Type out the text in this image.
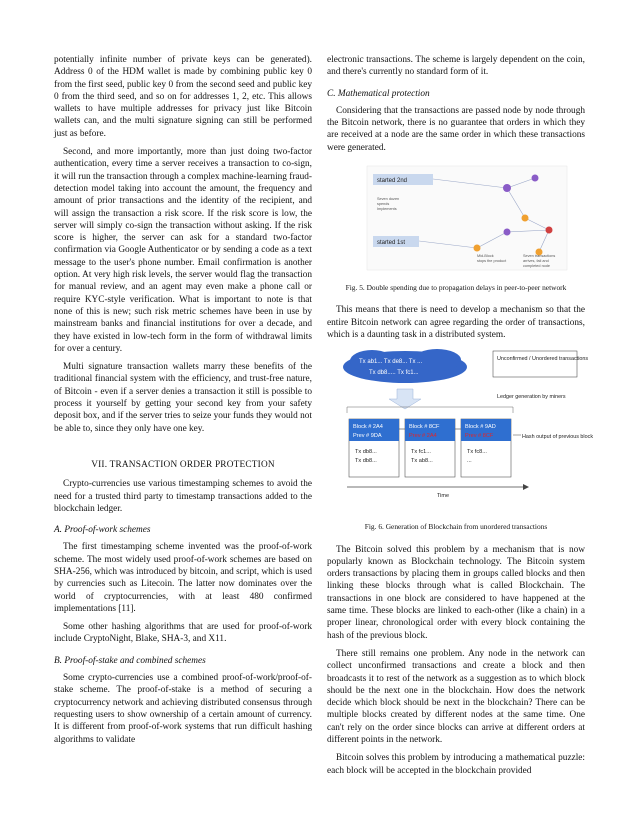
potentially infinite number of private keys can be generated). Address 0 of the HDM wallet is made by combining public key 0 from the first seed, public key 0 from the second seed and public key 0 from the third seed, and so on for addresses 1, 2, etc. This allows wallets to have multiple addresses for privacy just like Bitcoin wallets can, and the multi signature signing can still be performed just as before.

Second, and more importantly, more than just doing two-factor authentication, every time a server receives a transaction to co-sign, it will run the transaction through a complex machine-learning fraud-detection model taking into account the amount, the frequency and amount of prior transactions and the identity of the recipient, and will assign the transaction a risk score. If the risk score is low, the server will simply co-sign the transaction without asking. If the risk score is higher, the server can ask for a standard two-factor confirmation via Google Authenticator or by sending a code as a text message to the user's phone number. Email confirmation is another option. At very high risk levels, the server would flag the transaction for manual review, and an agent may even make a phone call or require KYC-style verification. What is important to note is that none of this is new; such risk metric schemes have been in use by mainstream banks and financial institutions for over a decade, and they have existed in low-tech form in the form of withdrawal limits for over a century.

Multi signature transaction wallets marry these benefits of the traditional financial system with the efficiency, and trust-free nature, of Bitcoin - even if a server denies a transaction it still is possible to process it yourself by getting your second key from your safety deposit box, and if the server tries to seize your funds they would not be able to, since they only have one key.

VII. TRANSACTION ORDER PROTECTION

Crypto-currencies use various timestamping schemes to avoid the need for a trusted third party to timestamp transactions added to the blockchain ledger.

A. Proof-of-work schemes

The first timestamping scheme invented was the proof-of-work scheme. The most widely used proof-of-work schemes are based on SHA-256, which was introduced by bitcoin, and script, which is used by currencies such as Litecoin. The latter now dominates over the world of cryptocurrencies, with at least 480 confirmed implementations [11].

Some other hashing algorithms that are used for proof-of-work include CryptoNight, Blake, SHA-3, and X11.

B. Proof-of-stake and combined schemes

Some crypto-currencies use a combined proof-of-work/proof-of-stake scheme. The proof-of-stake is a method of securing a cryptocurrency network and achieving distributed consensus through requesting users to show ownership of a certain amount of currency. It is different from proof-of-work systems that run difficult hashing algorithms to validate

electronic transactions. The scheme is largely dependent on the coin, and there's currently no standard form of it.

C. Mathematical protection

Considering that the transactions are passed node by node through the Bitcoin network, there is no guarantee that orders in which they are received at a node are the same order in which these transactions were generated.

started 2nd
started 1st
Seven dozen
spends
Implements
Mid-Block
stops the product
Seven transactions
arrives, fail and
completed node
Fig. 5. Double spending due to propagation delays in peer-to-peer network

This means that there is need to develop a mechanism so that the entire Bitcoin network can agree regarding the order of transactions, which is a daunting task in a distributed system.

Tx ab1... Tx de8... Tx ...
Tx db8..... Tx fc1...
Unconfirmed / Unordered transactions
Ledger generation by miners
Hash output of previous block
Block # 2A4
Prev # 9DA
Tx db8...
Tx db8...
Block # 8CF
Prev # 2A4
Tx fc1...
Tx ab8...
Block # 9AD
Prev # 8CF
Tx fc8...
...
Time
Fig. 6. Generation of Blockchain from unordered transactions

The Bitcoin solved this problem by a mechanism that is now popularly known as Blockchain technology. The Bitcoin system orders transactions by placing them in groups called blocks and then linking these blocks through what is called Blockchain. The transactions in one block are considered to have happened at the same time. These blocks are linked to each-other (like a chain) in a proper linear, chronological order with every block containing the hash of the previous block.

There still remains one problem. Any node in the network can collect unconfirmed transactions and create a block and then broadcasts it to rest of the network as a suggestion as to which block should be the next one in the blockchain. How does the network decide which block should be next in the blockchain? There can be multiple blocks created by different nodes at the same time. One can't rely on the order since blocks can arrive at different orders at different points in the network.

Bitcoin solves this problem by introducing a mathematical puzzle: each block will be accepted in the blockchain provided
